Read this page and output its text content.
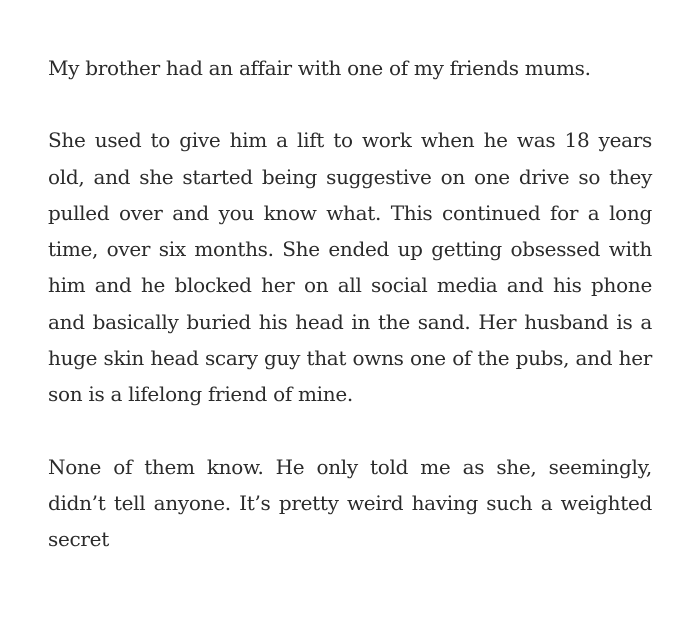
My brother had an affair with one of my friends mums.

She used to give him a lift to work when he was 18 years old, and she started being suggestive on one drive so they pulled over and you know what. This continued for a long time, over six months. She ended up getting obsessed with him and he blocked her on all social media and his phone and basically buried his head in the sand. Her husband is a huge skin head scary guy that owns one of the pubs, and her son is a lifelong friend of mine.

None of them know. He only told me as she, seemingly, didn’t tell anyone. It’s pretty weird having such a weighted secret
